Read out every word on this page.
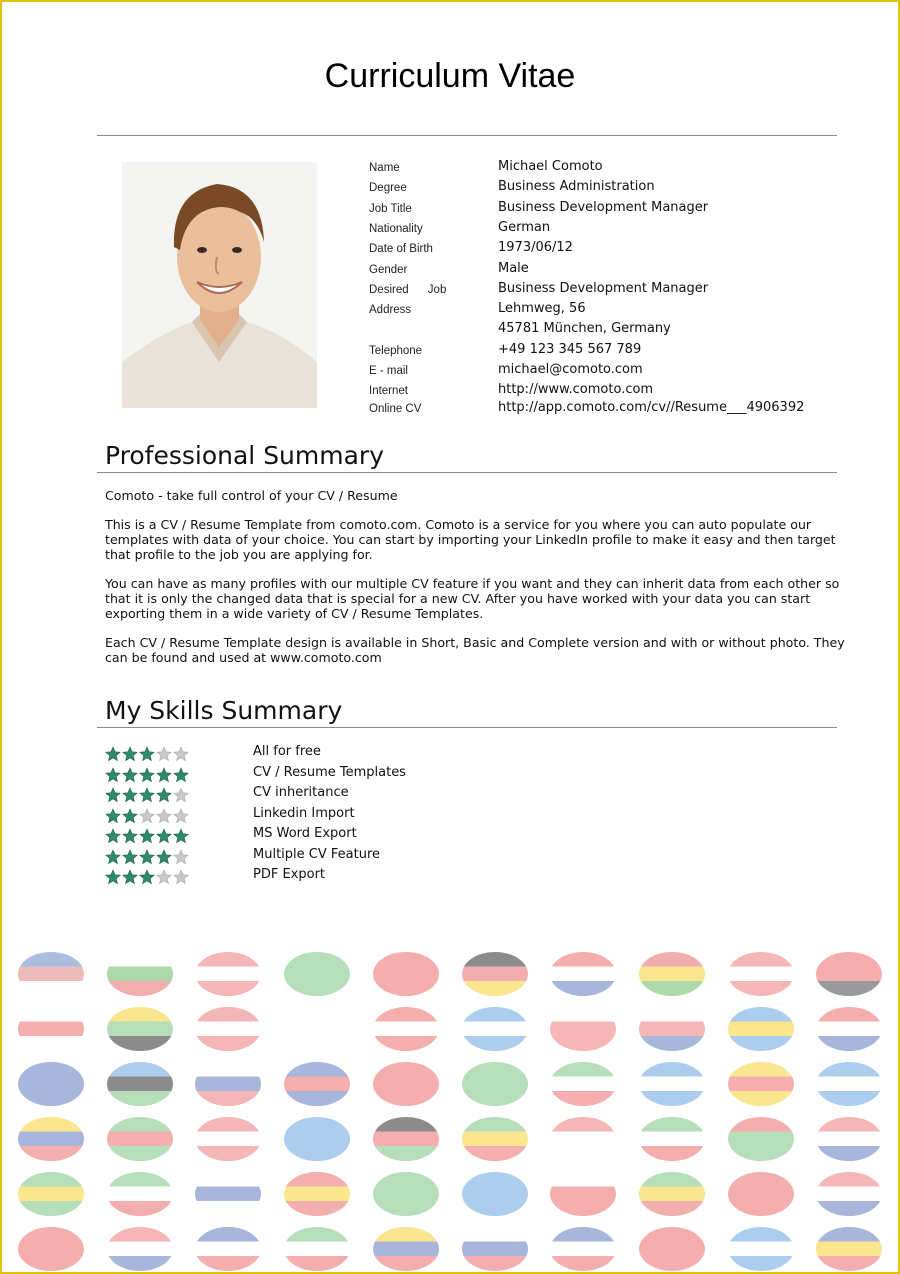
Curriculum Vitae
Name	Michael Comoto
Degree	Business Administration
Job Title	Business Development Manager
Nationality	German
Date of Birth	1973/06/12
Gender	Male
Desired      Job	Business Development Manager
Address	Lehmweg, 56
45781 München, Germany
Telephone	+49 123 345 567 789
E - mail	michael@comoto.com
Internet	http://www.comoto.com
Online CV	http://app.comoto.com/cv//Resume___4906392
Professional Summary

Comoto - take full control of your CV / Resume

This is a CV / Resume Template from comoto.com. Comoto is a service for you where you can auto populate our templates with data of your choice. You can start by importing your LinkedIn profile to make it easy and then target that profile to the job you are applying for.

You can have as many profiles with our multiple CV feature if you want and they can inherit data from each other so that it is only the changed data that is special for a new CV. After you have worked with your data you can start exporting them in a wide variety of CV / Resume Templates.

Each CV / Resume Template design is available in Short, Basic and Complete version and with or without photo. They can be found and used at www.comoto.com

My Skills Summary
All for free
CV / Resume Templates
CV inheritance
Linkedin Import
MS Word Export
Multiple CV Feature
PDF Export
